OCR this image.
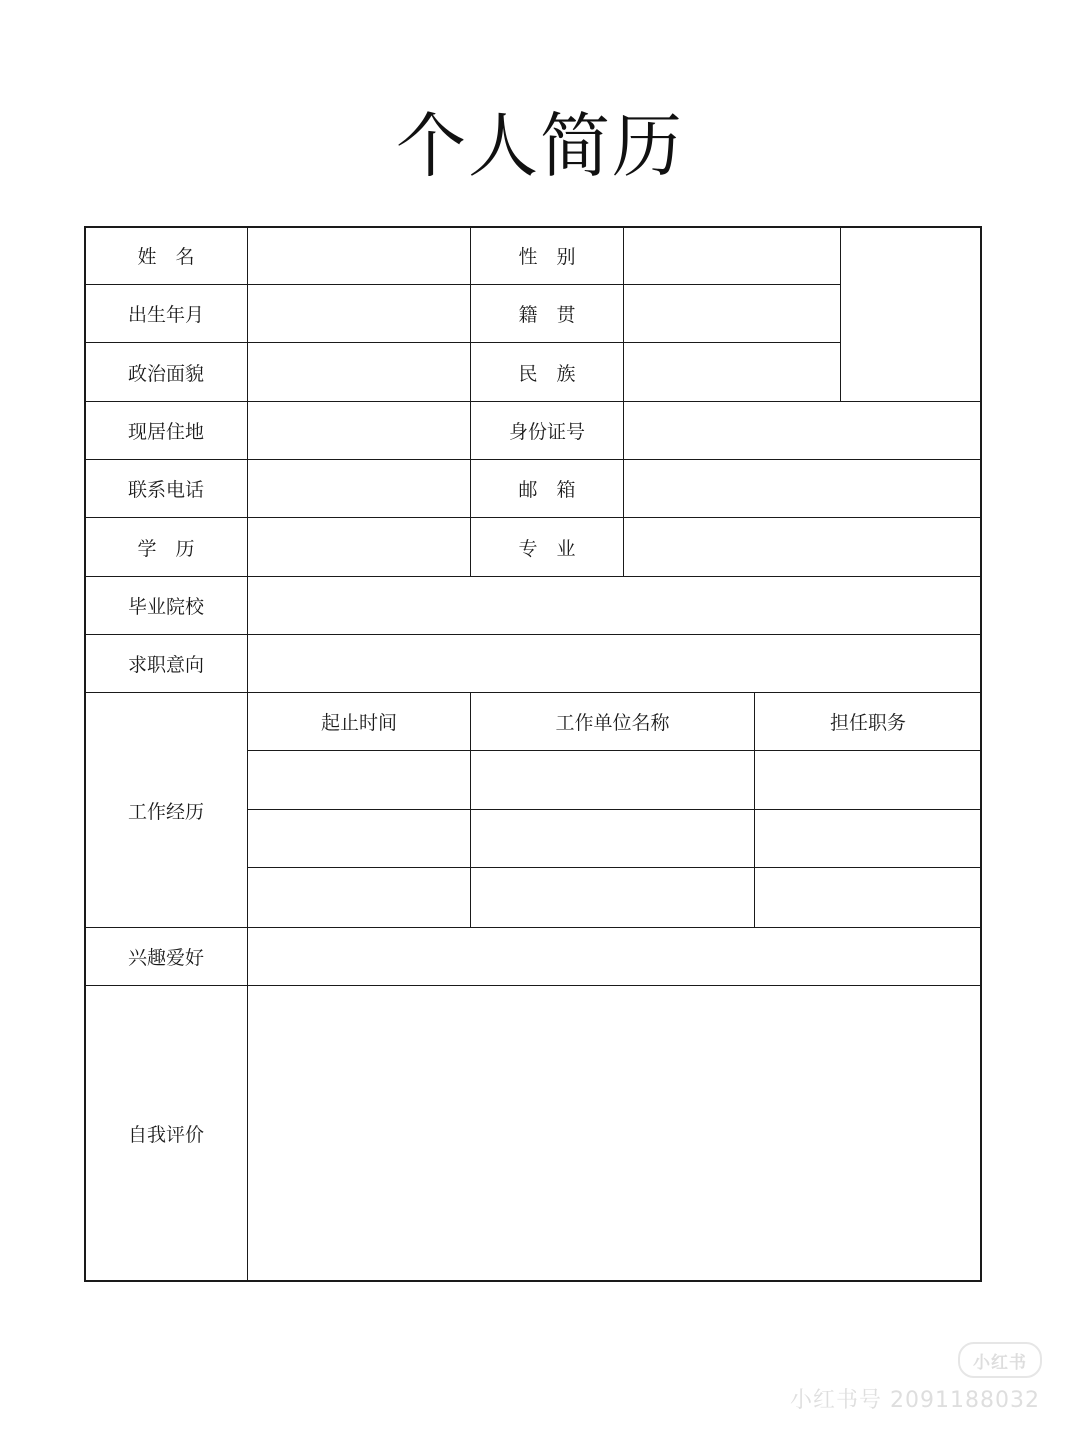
个人简历
姓　名	性　别
出生年月	籍　贯
政治面貌	民　族
现居住地	身份证号
联系电话	邮　箱
学　历	专　业
毕业院校
求职意向
工作经历
起止时间	工作单位名称	担任职务
兴趣爱好
自我评价
小红书
小红书号 2091188032
